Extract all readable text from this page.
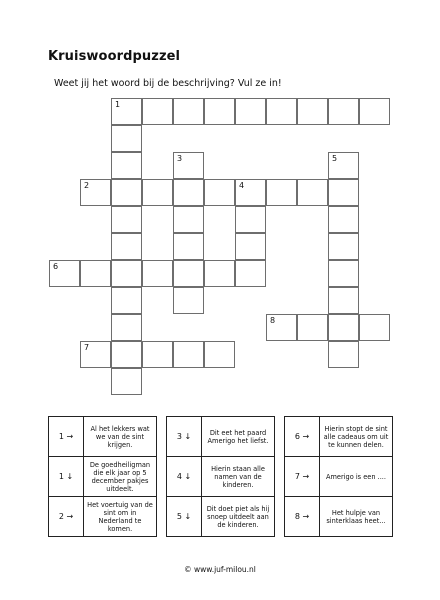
Kruiswoordpuzzel
Weet jij het woord bij de beschrijving? Vul ze in!
1
3	5
2	4
6
8
7
1 →	Al het lekkers wat we van de sint krijgen.
1 ↓	De goedheiligman die elk jaar op 5 december pakjes uitdeelt.
2 →	Het voertuig van de sint om in Nederland te komen.
3 ↓	Dit eet het paard Amerigo het liefst.
4 ↓	Hierin staan alle namen van de kinderen.
5 ↓	Dit doet piet als hij snoep uitdeelt aan de kinderen.
6 →	Hierin stopt de sint alle cadeaus om uit te kunnen delen.
7 →	Amerigo is een ....
8 →	Het hulpje van sinterklaas heet...
© www.juf-milou.nl
